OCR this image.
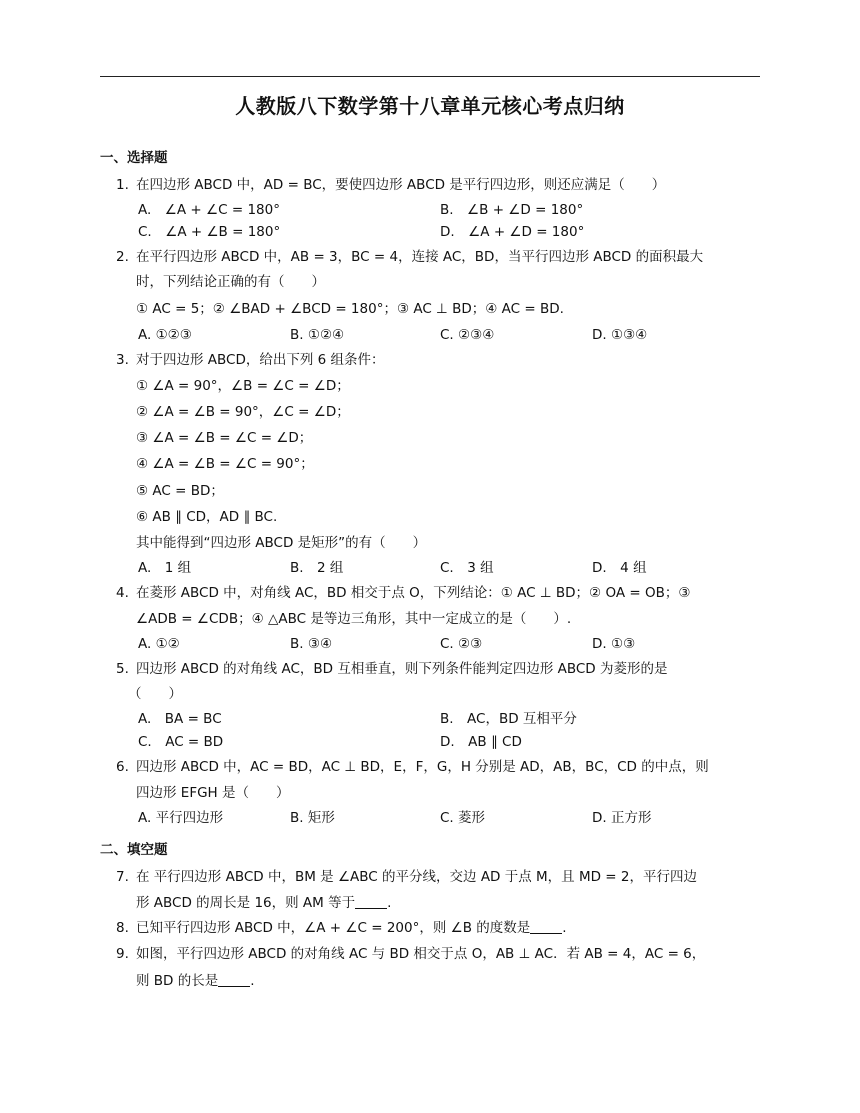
人教版八下数学第十八章单元核心考点归纳
一、选择题
1. 在四边形 ABCD 中，AD = BC，要使四边形 ABCD 是平行四边形，则还应满足（　　）
A.　∠A + ∠C = 180°	B.　∠B + ∠D = 180°
C.　∠A + ∠B = 180°	D.　∠A + ∠D = 180°
2. 在平行四边形 ABCD 中，AB = 3，BC = 4，连接 AC，BD，当平行四边形 ABCD 的面积最大
时，下列结论正确的有（　　）
① AC = 5；② ∠BAD + ∠BCD = 180°；③ AC ⊥ BD；④ AC = BD.
A. ①②③	B. ①②④	C. ②③④	D. ①③④
3. 对于四边形 ABCD，给出下列 6 组条件：
① ∠A = 90°，∠B = ∠C = ∠D；
② ∠A = ∠B = 90°，∠C = ∠D；
③ ∠A = ∠B = ∠C = ∠D；
④ ∠A = ∠B = ∠C = 90°；
⑤ AC = BD；
⑥ AB ∥ CD，AD ∥ BC.
其中能得到“四边形 ABCD 是矩形”的有（　　）
A.　1 组	B.　2 组	C.　3 组	D.　4 组
4. 在菱形 ABCD 中，对角线 AC，BD 相交于点 O，下列结论：① AC ⊥ BD；② OA = OB；③
∠ADB = ∠CDB；④ △ABC 是等边三角形，其中一定成立的是（　　）.
A. ①②	B. ③④	C. ②③	D. ①③
5. 四边形 ABCD 的对角线 AC，BD 互相垂直，则下列条件能判定四边形 ABCD 为菱形的是
（　　）
A.　BA = BC	B.　AC，BD 互相平分
C.　AC = BD	D.　AB ∥ CD
6. 四边形 ABCD 中，AC = BD，AC ⊥ BD，E，F，G，H 分别是 AD，AB，BC，CD 的中点，则
四边形 EFGH 是（　　）
A. 平行四边形	B. 矩形	C. 菱形	D. 正方形
二、填空题
7. 在 平行四边形 ABCD 中，BM 是 ∠ABC 的平分线，交边 AD 于点 M，且 MD = 2，平行四边
形 ABCD 的周长是 16，则 AM 等于 .
8. 已知平行四边形 ABCD 中，∠A + ∠C = 200°，则 ∠B 的度数是 .
9. 如图，平行四边形 ABCD 的对角线 AC 与 BD 相交于点 O，AB ⊥ AC．若 AB = 4，AC = 6，
则 BD 的长是 .
